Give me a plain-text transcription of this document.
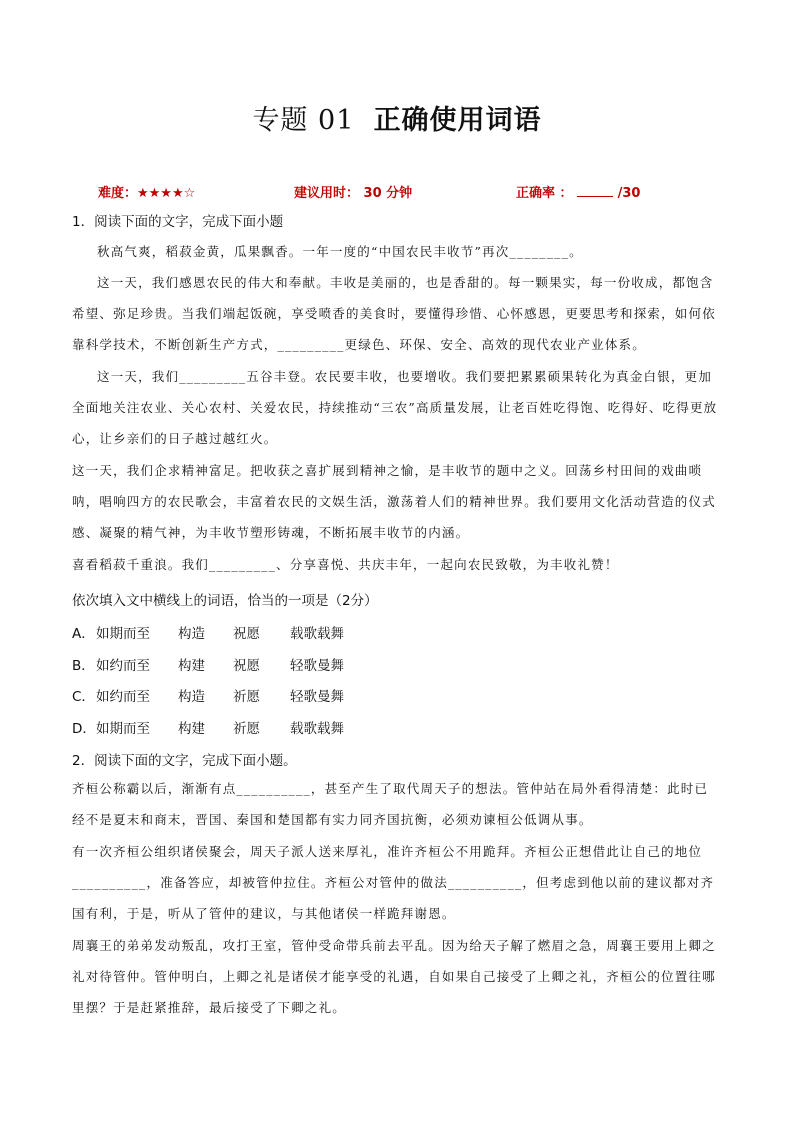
专题 01 正确使用词语
难度：★★★★☆	建议用时： 30 分钟	正确率 ：	/30
1．阅读下面的文字，完成下面小题

秋高气爽，稻菽金黄，瓜果飘香。一年一度的“中国农民丰收节”再次________。

这一天，我们感恩农民的伟大和奉献。丰收是美丽的，也是香甜的。每一颗果实，每一份收成，都饱含希望、弥足珍贵。当我们端起饭碗，享受喷香的美食时，要懂得珍惜、心怀感恩，更要思考和探索，如何依靠科学技术，不断创新生产方式，_________更绿色、环保、安全、高效的现代农业产业体系。

这一天，我们_________五谷丰登。农民要丰收，也要增收。我们要把累累硕果转化为真金白银，更加全面地关注农业、关心农村、关爱农民，持续推动“三农”高质量发展，让老百姓吃得饱、吃得好、吃得更放心，让乡亲们的日子越过越红火。

这一天，我们企求精神富足。把收获之喜扩展到精神之愉，是丰收节的题中之义。回荡乡村田间的戏曲唢呐，唱响四方的农民歌会，丰富着农民的文娱生活，激荡着人们的精神世界。我们要用文化活动营造的仪式感、凝聚的精气神，为丰收节塑形铸魂，不断拓展丰收节的内涵。

喜看稻菽千重浪。我们_________、分享喜悦、共庆丰年，一起向农民致敬，为丰收礼赞！

依次填入文中横线上的词语，恰当的一项是（2分）
A． 如期而至 构造 祝愿 载歌载舞
B． 如约而至 构建 祝愿 轻歌曼舞
C． 如约而至 构造 祈愿 轻歌曼舞
D． 如期而至 构建 祈愿 载歌载舞
2．阅读下面的文字，完成下面小题。

齐桓公称霸以后，渐渐有点__________，甚至产生了取代周天子的想法。管仲站在局外看得清楚：此时已经不是夏末和商末，晋国、秦国和楚国都有实力同齐国抗衡，必须劝谏桓公低调从事。

有一次齐桓公组织诸侯聚会，周天子派人送来厚礼，准许齐桓公不用跪拜。齐桓公正想借此让自己的地位__________，准备答应，却被管仲拉住。齐桓公对管仲的做法__________，但考虑到他以前的建议都对齐国有利，于是，听从了管仲的建议，与其他诸侯一样跪拜谢恩。

周襄王的弟弟发动叛乱，攻打王室，管仲受命带兵前去平乱。因为给天子解了燃眉之急，周襄王要用上卿之礼对待管仲。管仲明白，上卿之礼是诸侯才能享受的礼遇，自如果自己接受了上卿之礼，齐桓公的位置往哪里摆？于是赶紧推辞，最后接受了下卿之礼。
